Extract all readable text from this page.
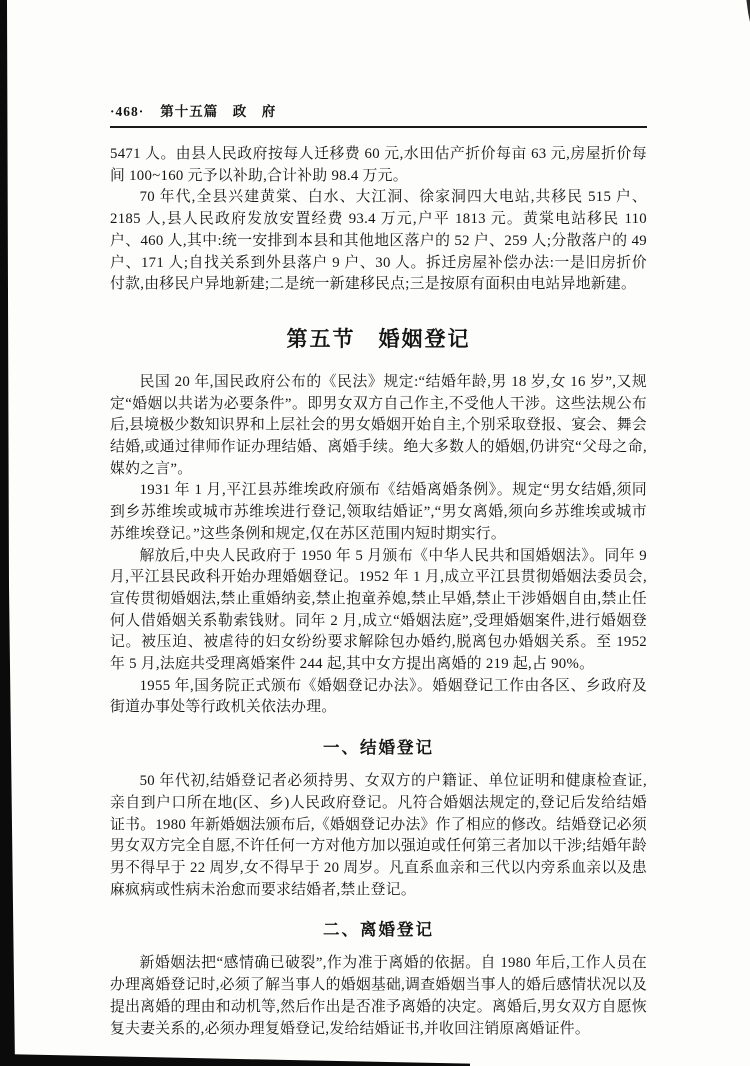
·468· 第十五篇　政　府

5471 人。由县人民政府按每人迁移费 60 元,水田估产折价每亩 63 元,房屋折价每间 100~160 元予以补助,合计补助 98.4 万元。

70 年代,全县兴建黄棠、白水、大江洞、徐家洞四大电站,共移民 515 户、2185 人,县人民政府发放安置经费 93.4 万元,户平 1813 元。黄棠电站移民 110 户、460 人,其中:统一安排到本县和其他地区落户的 52 户、259 人;分散落户的 49 户、171 人;自找关系到外县落户 9 户、30 人。拆迁房屋补偿办法:一是旧房折价付款,由移民户异地新建;二是统一新建移民点;三是按原有面积由电站异地新建。

第五节　婚姻登记

民国 20 年,国民政府公布的《民法》规定:“结婚年龄,男 18 岁,女 16 岁”,又规定“婚姻以共诺为必要条件”。即男女双方自己作主,不受他人干涉。这些法规公布后,县境极少数知识界和上层社会的男女婚姻开始自主,个别采取登报、宴会、舞会结婚,或通过律师作证办理结婚、离婚手续。绝大多数人的婚姻,仍讲究“父母之命,媒妁之言”。

1931 年 1 月,平江县苏维埃政府颁布《结婚离婚条例》。规定“男女结婚,须同到乡苏维埃或城市苏维埃进行登记,领取结婚证”,“男女离婚,须向乡苏维埃或城市苏维埃登记。”这些条例和规定,仅在苏区范围内短时期实行。

解放后,中央人民政府于 1950 年 5 月颁布《中华人民共和国婚姻法》。同年 9 月,平江县民政科开始办理婚姻登记。1952 年 1 月,成立平江县贯彻婚姻法委员会,宣传贯彻婚姻法,禁止重婚纳妾,禁止抱童养媳,禁止早婚,禁止干涉婚姻自由,禁止任何人借婚姻关系勒索钱财。同年 2 月,成立“婚姻法庭”,受理婚姻案件,进行婚姻登记。被压迫、被虐待的妇女纷纷要求解除包办婚约,脱离包办婚姻关系。至 1952 年 5 月,法庭共受理离婚案件 244 起,其中女方提出离婚的 219 起,占 90%。

1955 年,国务院正式颁布《婚姻登记办法》。婚姻登记工作由各区、乡政府及街道办事处等行政机关依法办理。

一、结婚登记

50 年代初,结婚登记者必须持男、女双方的户籍证、单位证明和健康检查证,亲自到户口所在地(区、乡)人民政府登记。凡符合婚姻法规定的,登记后发给结婚证书。1980 年新婚姻法颁布后,《婚姻登记办法》作了相应的修改。结婚登记必须男女双方完全自愿,不许任何一方对他方加以强迫或任何第三者加以干涉;结婚年龄男不得早于 22 周岁,女不得早于 20 周岁。凡直系血亲和三代以内旁系血亲以及患麻疯病或性病未治愈而要求结婚者,禁止登记。

二、离婚登记

新婚姻法把“感情确已破裂”,作为准于离婚的依据。自 1980 年后,工作人员在办理离婚登记时,必须了解当事人的婚姻基础,调查婚姻当事人的婚后感情状况以及提出离婚的理由和动机等,然后作出是否准予离婚的决定。离婚后,男女双方自愿恢复夫妻关系的,必须办理复婚登记,发给结婚证书,并收回注销原离婚证件。
